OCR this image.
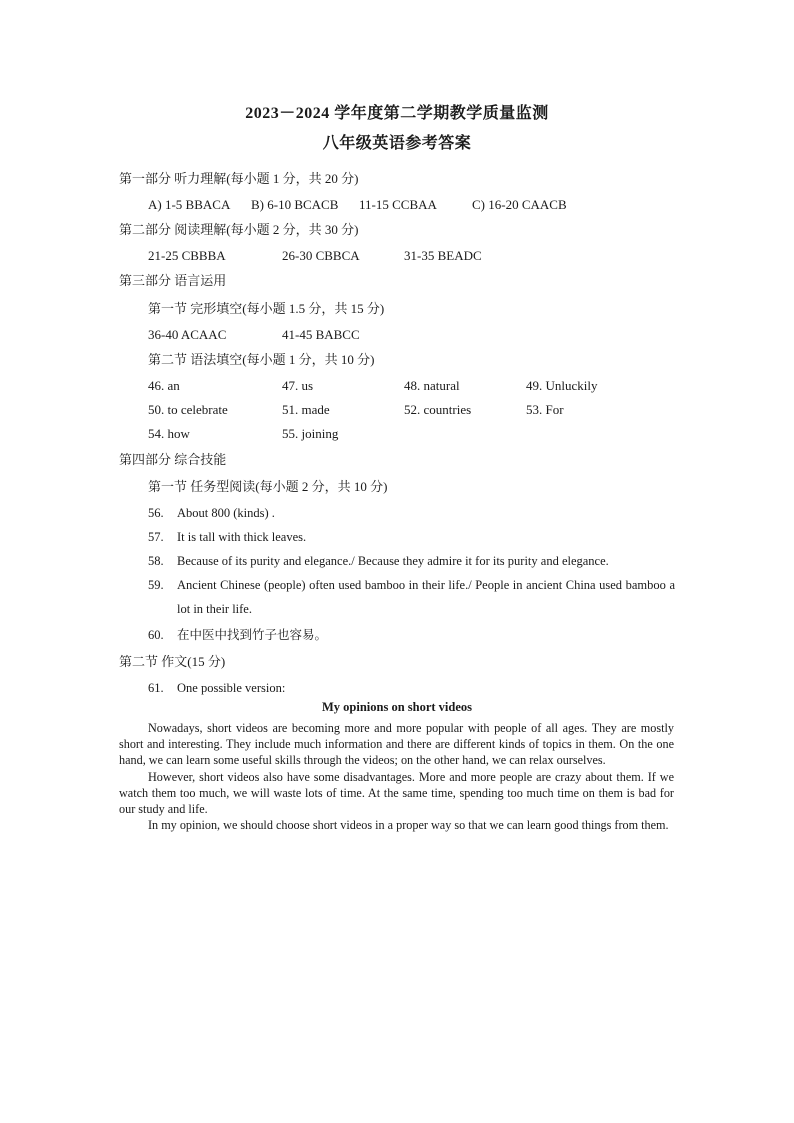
2023－2024 学年度第二学期教学质量监测
八年级英语参考答案
第一部分 听力理解(每小题 1 分，共 20 分)
A) 1-5 BBACA B) 6-10 BCACB 11-15 CCBAA	C) 16-20 CAACB
第二部分 阅读理解(每小题 2 分，共 30 分)
21-25 CBBBA	26-30 CBBCA	31-35 BEADC
第三部分 语言运用
第一节 完形填空(每小题 1.5 分，共 15 分)
36-40 ACAAC	41-45 BABCC
第二节 语法填空(每小题 1 分，共 10 分)
46. an	47. us	48. natural	49. Unluckily
50. to celebrate	51. made	52. countries	53. For
54. how	55. joining
第四部分 综合技能
第一节 任务型阅读(每小题 2 分，共 10 分)
56. About 800 (kinds) .
57. It is tall with thick leaves.
58. Because of its purity and elegance./ Because they admire it for its purity and elegance.
59. Ancient Chinese (people) often used bamboo in their life./ People in ancient China used bamboo a lot in their life.
60. 在中医中找到竹子也容易。
第二节 作文(15 分)
61. One possible version:
My opinions on short videos

Nowadays, short videos are becoming more and more popular with people of all ages. They are mostly short and interesting. They include much information and there are different kinds of topics in them. On the one hand, we can learn some useful skills through the videos; on the other hand, we can relax ourselves.

However, short videos also have some disadvantages. More and more people are crazy about them. If we watch them too much, we will waste lots of time. At the same time, spending too much time on them is bad for our study and life.

In my opinion, we should choose short videos in a proper way so that we can learn good things from them.
